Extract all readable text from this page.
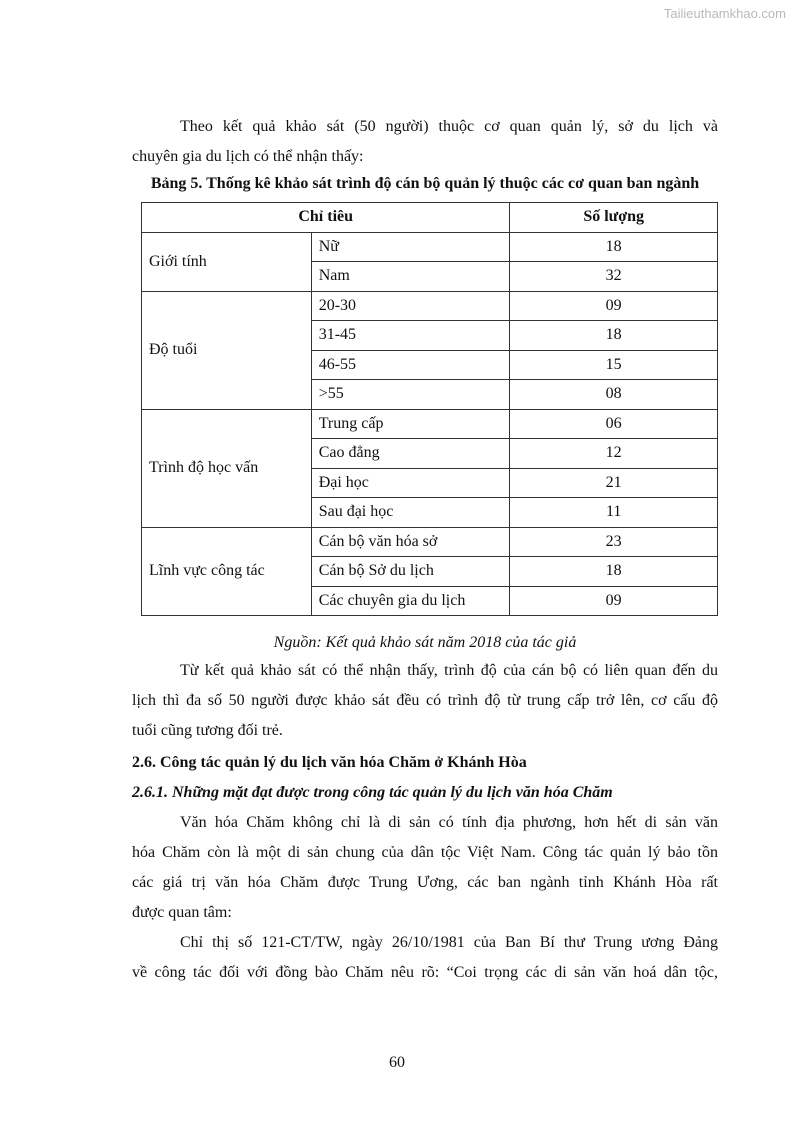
Tailieuthamkhao.com

Theo kết quả khảo sát (50 người) thuộc cơ quan quản lý, sở du lịch và

chuyên gia du lịch có thể nhận thấy:

Bảng 5. Thống kê khảo sát trình độ cán bộ quản lý thuộc các cơ quan ban ngành
Chỉ tiêu		Số lượng
Giới tính	Nữ	18
	Nam	32
Độ tuổi	20-30	09
	31-45	18
	46-55	15
	>55	08
Trình độ học vấn	Trung cấp	06
	Cao đẳng	12
	Đại học	21
	Sau đại học	11
Lĩnh vực công tác	Cán bộ văn hóa sở	23
	Cán bộ Sở du lịch	18
	Các chuyên gia du lịch	09
Nguồn: Kết quả khảo sát năm 2018 của tác giả

Từ kết quả khảo sát có thể nhận thấy, trình độ của cán bộ có liên quan đến du

lịch thì đa số 50 người được khảo sát đều có trình độ từ trung cấp trở lên, cơ cấu độ

tuổi cũng tương đối trẻ.

2.6. Công tác quản lý du lịch văn hóa Chăm ở Khánh Hòa
2.6.1. Những mặt đạt được trong công tác quản lý du lịch văn hóa Chăm

Văn hóa Chăm không chỉ là di sản có tính địa phương, hơn hết di sản văn

hóa Chăm còn là một di sản chung của dân tộc Việt Nam. Công tác quản lý bảo tồn

các giá trị văn hóa Chăm được Trung Ương, các ban ngành tỉnh Khánh Hòa rất

được quan tâm:

Chỉ thị số 121-CT/TW, ngày 26/10/1981 của Ban Bí thư Trung ương Đảng

về công tác đối với đồng bào Chăm nêu rõ: “Coi trọng các di sản văn hoá dân tộc,

60
